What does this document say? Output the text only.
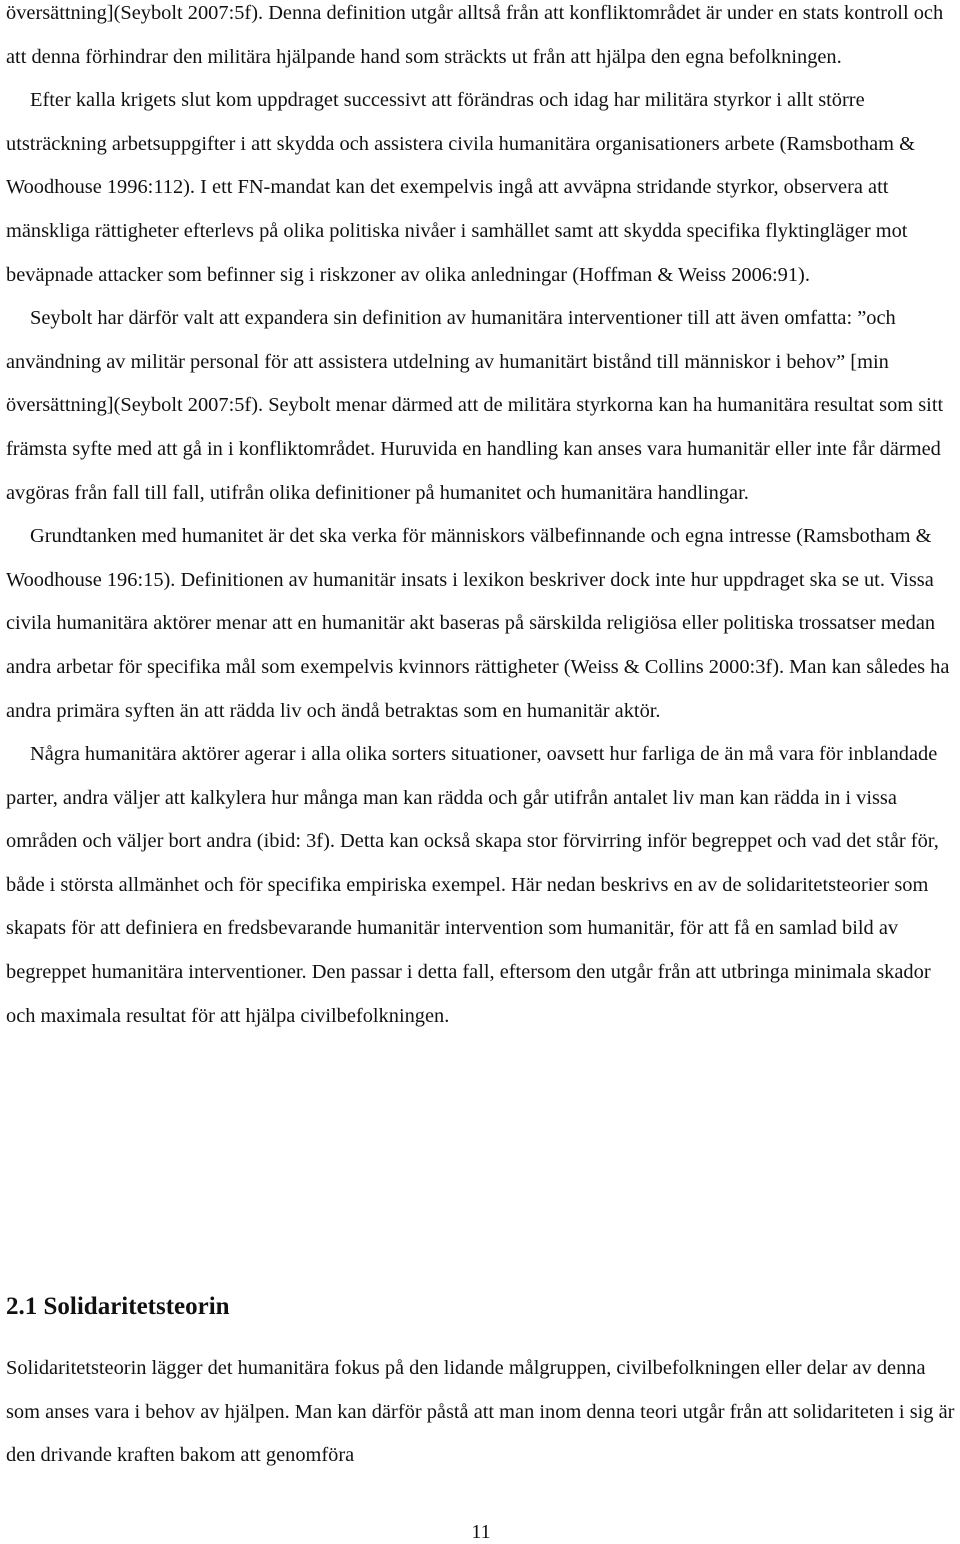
översättning](Seybolt 2007:5f). Denna definition utgår alltså från att konfliktområdet är under en stats kontroll och att denna förhindrar den militära hjälpande hand som sträckts ut från att hjälpa den egna befolkningen.
Efter kalla krigets slut kom uppdraget successivt att förändras och idag har militära styrkor i allt större utsträckning arbetsuppgifter i att skydda och assistera civila humanitära organisationers arbete (Ramsbotham & Woodhouse 1996:112). I ett FN-mandat kan det exempelvis ingå att avväpna stridande styrkor, observera att mänskliga rättigheter efterlevs på olika politiska nivåer i samhället samt att skydda specifika flyktingläger mot beväpnade attacker som befinner sig i riskzoner av olika anledningar (Hoffman & Weiss 2006:91).
Seybolt har därför valt att expandera sin definition av humanitära interventioner till att även omfatta: ”och användning av militär personal för att assistera utdelning av humanitärt bistånd till människor i behov” [min översättning](Seybolt 2007:5f). Seybolt menar därmed att de militära styrkorna kan ha humanitära resultat som sitt främsta syfte med att gå in i konfliktområdet. Huruvida en handling kan anses vara humanitär eller inte får därmed avgöras från fall till fall, utifrån olika definitioner på humanitet och humanitära handlingar.
Grundtanken med humanitet är det ska verka för människors välbefinnande och egna intresse (Ramsbotham & Woodhouse 196:15). Definitionen av humanitär insats i lexikon beskriver dock inte hur uppdraget ska se ut. Vissa civila humanitära aktörer menar att en humanitär akt baseras på särskilda religiösa eller politiska trossatser medan andra arbetar för specifika mål som exempelvis kvinnors rättigheter (Weiss & Collins 2000:3f). Man kan således ha andra primära syften än att rädda liv och ändå betraktas som en humanitär aktör.
Några humanitära aktörer agerar i alla olika sorters situationer, oavsett hur farliga de än må vara för inblandade parter, andra väljer att kalkylera hur många man kan rädda och går utifrån antalet liv man kan rädda in i vissa områden och väljer bort andra (ibid: 3f). Detta kan också skapa stor förvirring inför begreppet och vad det står för, både i största allmänhet och för specifika empiriska exempel. Här nedan beskrivs en av de solidaritetsteorier som skapats för att definiera en fredsbevarande humanitär intervention som humanitär, för att få en samlad bild av begreppet humanitära interventioner. Den passar i detta fall, eftersom den utgår från att utbringa minimala skador och maximala resultat för att hjälpa civilbefolkningen.
2.1 Solidaritetsteorin
Solidaritetsteorin lägger det humanitära fokus på den lidande målgruppen, civilbefolkningen eller delar av denna som anses vara i behov av hjälpen. Man kan därför påstå att man inom denna teori utgår från att solidariteten i sig är den drivande kraften bakom att genomföra
11
